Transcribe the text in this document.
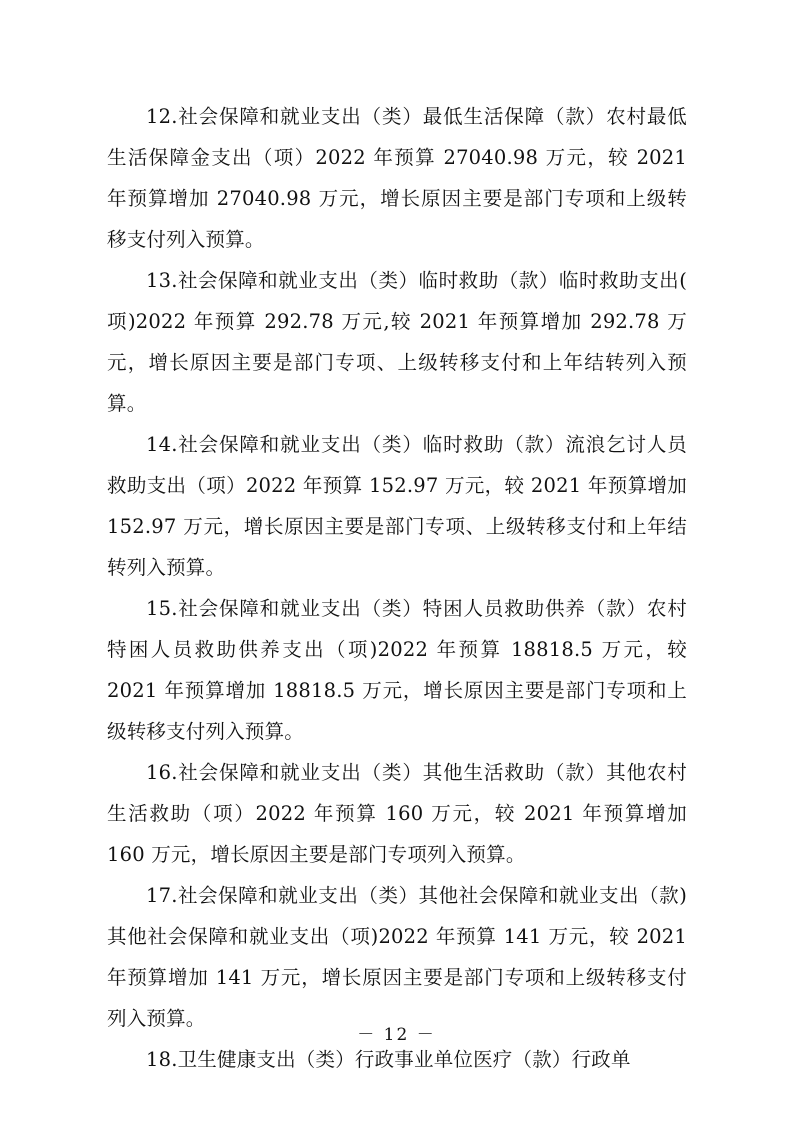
12.社会保障和就业支出（类）最低生活保障（款）农村最低生活保障金支出（项）2022 年预算 27040.98 万元，较 2021 年预算增加 27040.98 万元，增长原因主要是部门专项和上级转移支付列入预算。

13.社会保障和就业支出（类）临时救助（款）临时救助支出( 项)2022 年预算 292.78 万元,较 2021 年预算增加 292.78 万元，增长原因主要是部门专项、上级转移支付和上年结转列入预算。

14.社会保障和就业支出（类）临时救助（款）流浪乞讨人员救助支出（项）2022 年预算 152.97 万元，较 2021 年预算增加 152.97 万元，增长原因主要是部门专项、上级转移支付和上年结转列入预算。

15.社会保障和就业支出（类）特困人员救助供养（款）农村特困人员救助供养支出（项)2022 年预算 18818.5 万元，较 2021 年预算增加 18818.5 万元，增长原因主要是部门专项和上级转移支付列入预算。

16.社会保障和就业支出（类）其他生活救助（款）其他农村生活救助（项）2022 年预算 160 万元，较 2021 年预算增加 160 万元，增长原因主要是部门专项列入预算。

17.社会保障和就业支出（类）其他社会保障和就业支出（款)其他社会保障和就业支出（项)2022 年预算 141 万元，较 2021 年预算增加 141 万元，增长原因主要是部门专项和上级转移支付列入预算。

18.卫生健康支出（类）行政事业单位医疗（款）行政单

－ 12 －
